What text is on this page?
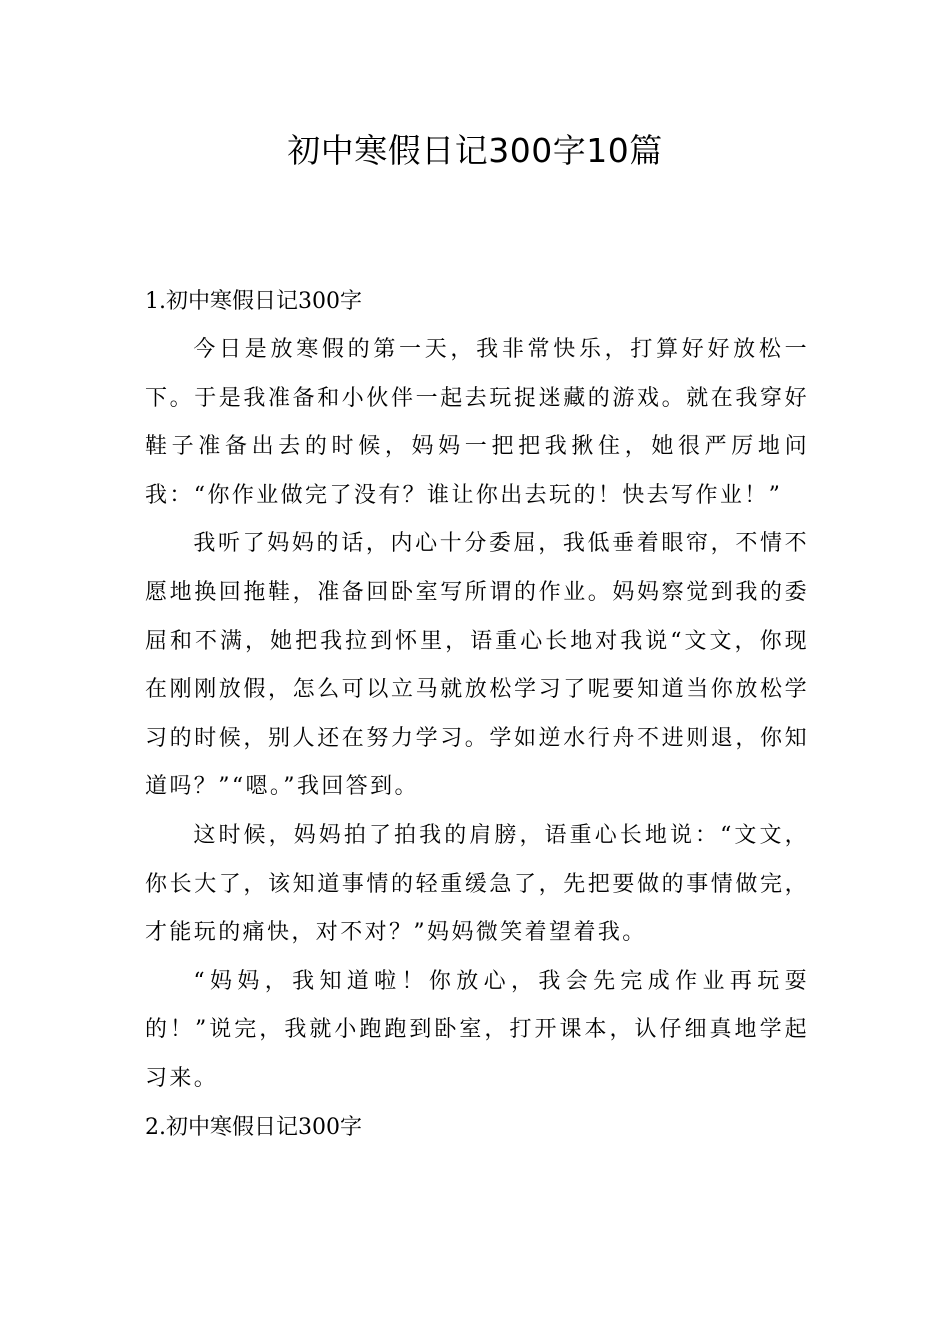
初中寒假日记300字10篇
1.初中寒假日记300字

今日是放寒假的第一天，我非常快乐，打算好好放松一下。于是我准备和小伙伴一起去玩捉迷藏的游戏。就在我穿好鞋子准备出去的时候，妈妈一把把我揪住，她很严厉地问我：“你作业做完了没有？谁让你出去玩的！快去写作业！”

我听了妈妈的话，内心十分委屈，我低垂着眼帘，不情不愿地换回拖鞋，准备回卧室写所谓的作业。妈妈察觉到我的委屈和不满，她把我拉到怀里，语重心长地对我说“文文，你现在刚刚放假，怎么可以立马就放松学习了呢要知道当你放松学习的时候，别人还在努力学习。学如逆水行舟不进则退，你知道吗？”“嗯。”我回答到。

这时候，妈妈拍了拍我的肩膀，语重心长地说：“文文，你长大了，该知道事情的轻重缓急了，先把要做的事情做完，才能玩的痛快，对不对？”妈妈微笑着望着我。

“妈妈，我知道啦！你放心，我会先完成作业再玩耍的！”说完，我就小跑跑到卧室，打开课本，认仔细真地学起习来。

2.初中寒假日记300字
